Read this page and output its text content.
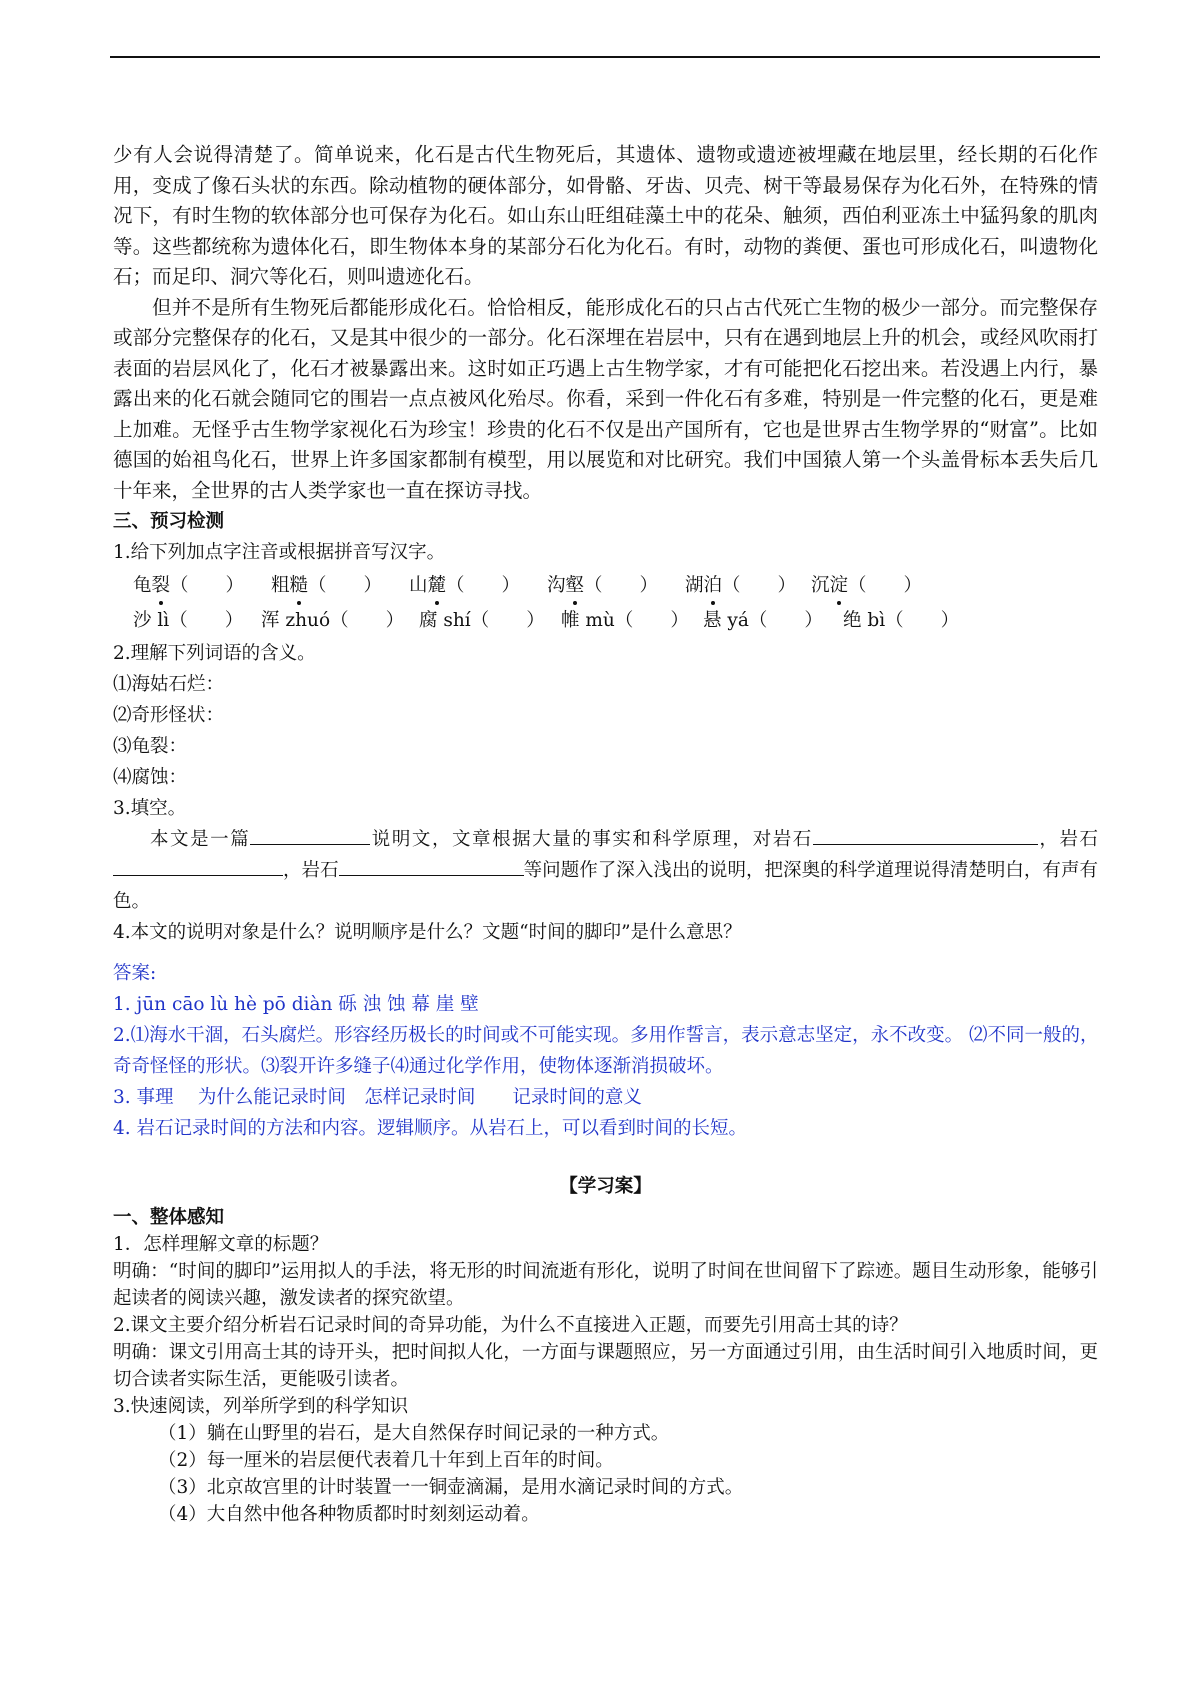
少有人会说得清楚了。简单说来，化石是古代生物死后，其遗体、遗物或遗迹被埋藏在地层里，经长期的石化作用，变成了像石头状的东西。除动植物的硬体部分，如骨骼、牙齿、贝壳、树干等最易保存为化石外，在特殊的情况下，有时生物的软体部分也可保存为化石。如山东山旺组硅藻土中的花朵、触须，西伯利亚冻土中猛犸象的肌肉等。这些都统称为遗体化石，即生物体本身的某部分石化为化石。有时，动物的粪便、蛋也可形成化石，叫遗物化石；而足印、洞穴等化石，则叫遗迹化石。

但并不是所有生物死后都能形成化石。恰恰相反，能形成化石的只占古代死亡生物的极少一部分。而完整保存或部分完整保存的化石，又是其中很少的一部分。化石深埋在岩层中，只有在遇到地层上升的机会，或经风吹雨打表面的岩层风化了，化石才被暴露出来。这时如正巧遇上古生物学家，才有可能把化石挖出来。若没遇上内行，暴露出来的化石就会随同它的围岩一点点被风化殆尽。你看，采到一件化石有多难，特别是一件完整的化石，更是难上加难。无怪乎古生物学家视化石为珍宝！珍贵的化石不仅是出产国所有，它也是世界古生物学界的“财富”。比如德国的始祖鸟化石，世界上许多国家都制有模型，用以展览和对比研究。我们中国猿人第一个头盖骨标本丢失后几十年来，全世界的古人类学家也一直在探访寻找。

三、预习检测
1.给下列加点字注音或根据拼音写汉字。
龟裂（　　）	粗糙（　　）	山麓（　　）	沟壑（　　）	湖泊（　　） 沉淀（　　）
沙 lì（　　） 浑 zhuó（　　） 腐 shí（　　） 帷 mù（　　） 悬 yá（　　）	绝 bì（　　）
2.理解下列词语的含义。
⑴海姑石烂：
⑵奇形怪状：
⑶龟裂：
⑷腐蚀：
3.填空。
本文是一篇	说明文，文章根据大量的事实和科学原理，对岩石	，岩石，岩石	等问题作了深入浅出的说明，把深奥的科学道理说得清楚明白，有声有色。
4.本文的说明对象是什么？说明顺序是什么？文题“时间的脚印”是什么意思？
答案:
1. jūn cāo lù hè pō diàn 砾 浊 蚀 幕 崖 壁
2.⑴海水干涸，石头腐烂。形容经历极长的时间或不可能实现。多用作誓言，表示意志坚定，永不改变。 ⑵不同一般的，奇奇怪怪的形状。⑶裂开许多缝子⑷通过化学作用，使物体逐渐消损破坏。
3. 事理　 为什么能记录时间　怎样记录时间　　记录时间的意义
4. 岩石记录时间的方法和内容。逻辑顺序。从岩石上，可以看到时间的长短。
【学习案】
一、整体感知
1．怎样理解文章的标题？
明确：“时间的脚印”运用拟人的手法，将无形的时间流逝有形化，说明了时间在世间留下了踪迹。题目生动形象，能够引起读者的阅读兴趣，激发读者的探究欲望。
2.课文主要介绍分析岩石记录时间的奇异功能，为什么不直接进入正题，而要先引用高士其的诗？
明确：课文引用高士其的诗开头，把时间拟人化，一方面与课题照应，另一方面通过引用，由生活时间引入地质时间，更切合读者实际生活，更能吸引读者。
3.快速阅读，列举所学到的科学知识
（1）躺在山野里的岩石，是大自然保存时间记录的一种方式。
（2）每一厘米的岩层便代表着几十年到上百年的时间。
（3）北京故宫里的计时装置一一铜壶滴漏，是用水滴记录时间的方式。
（4）大自然中他各种物质都时时刻刻运动着。
